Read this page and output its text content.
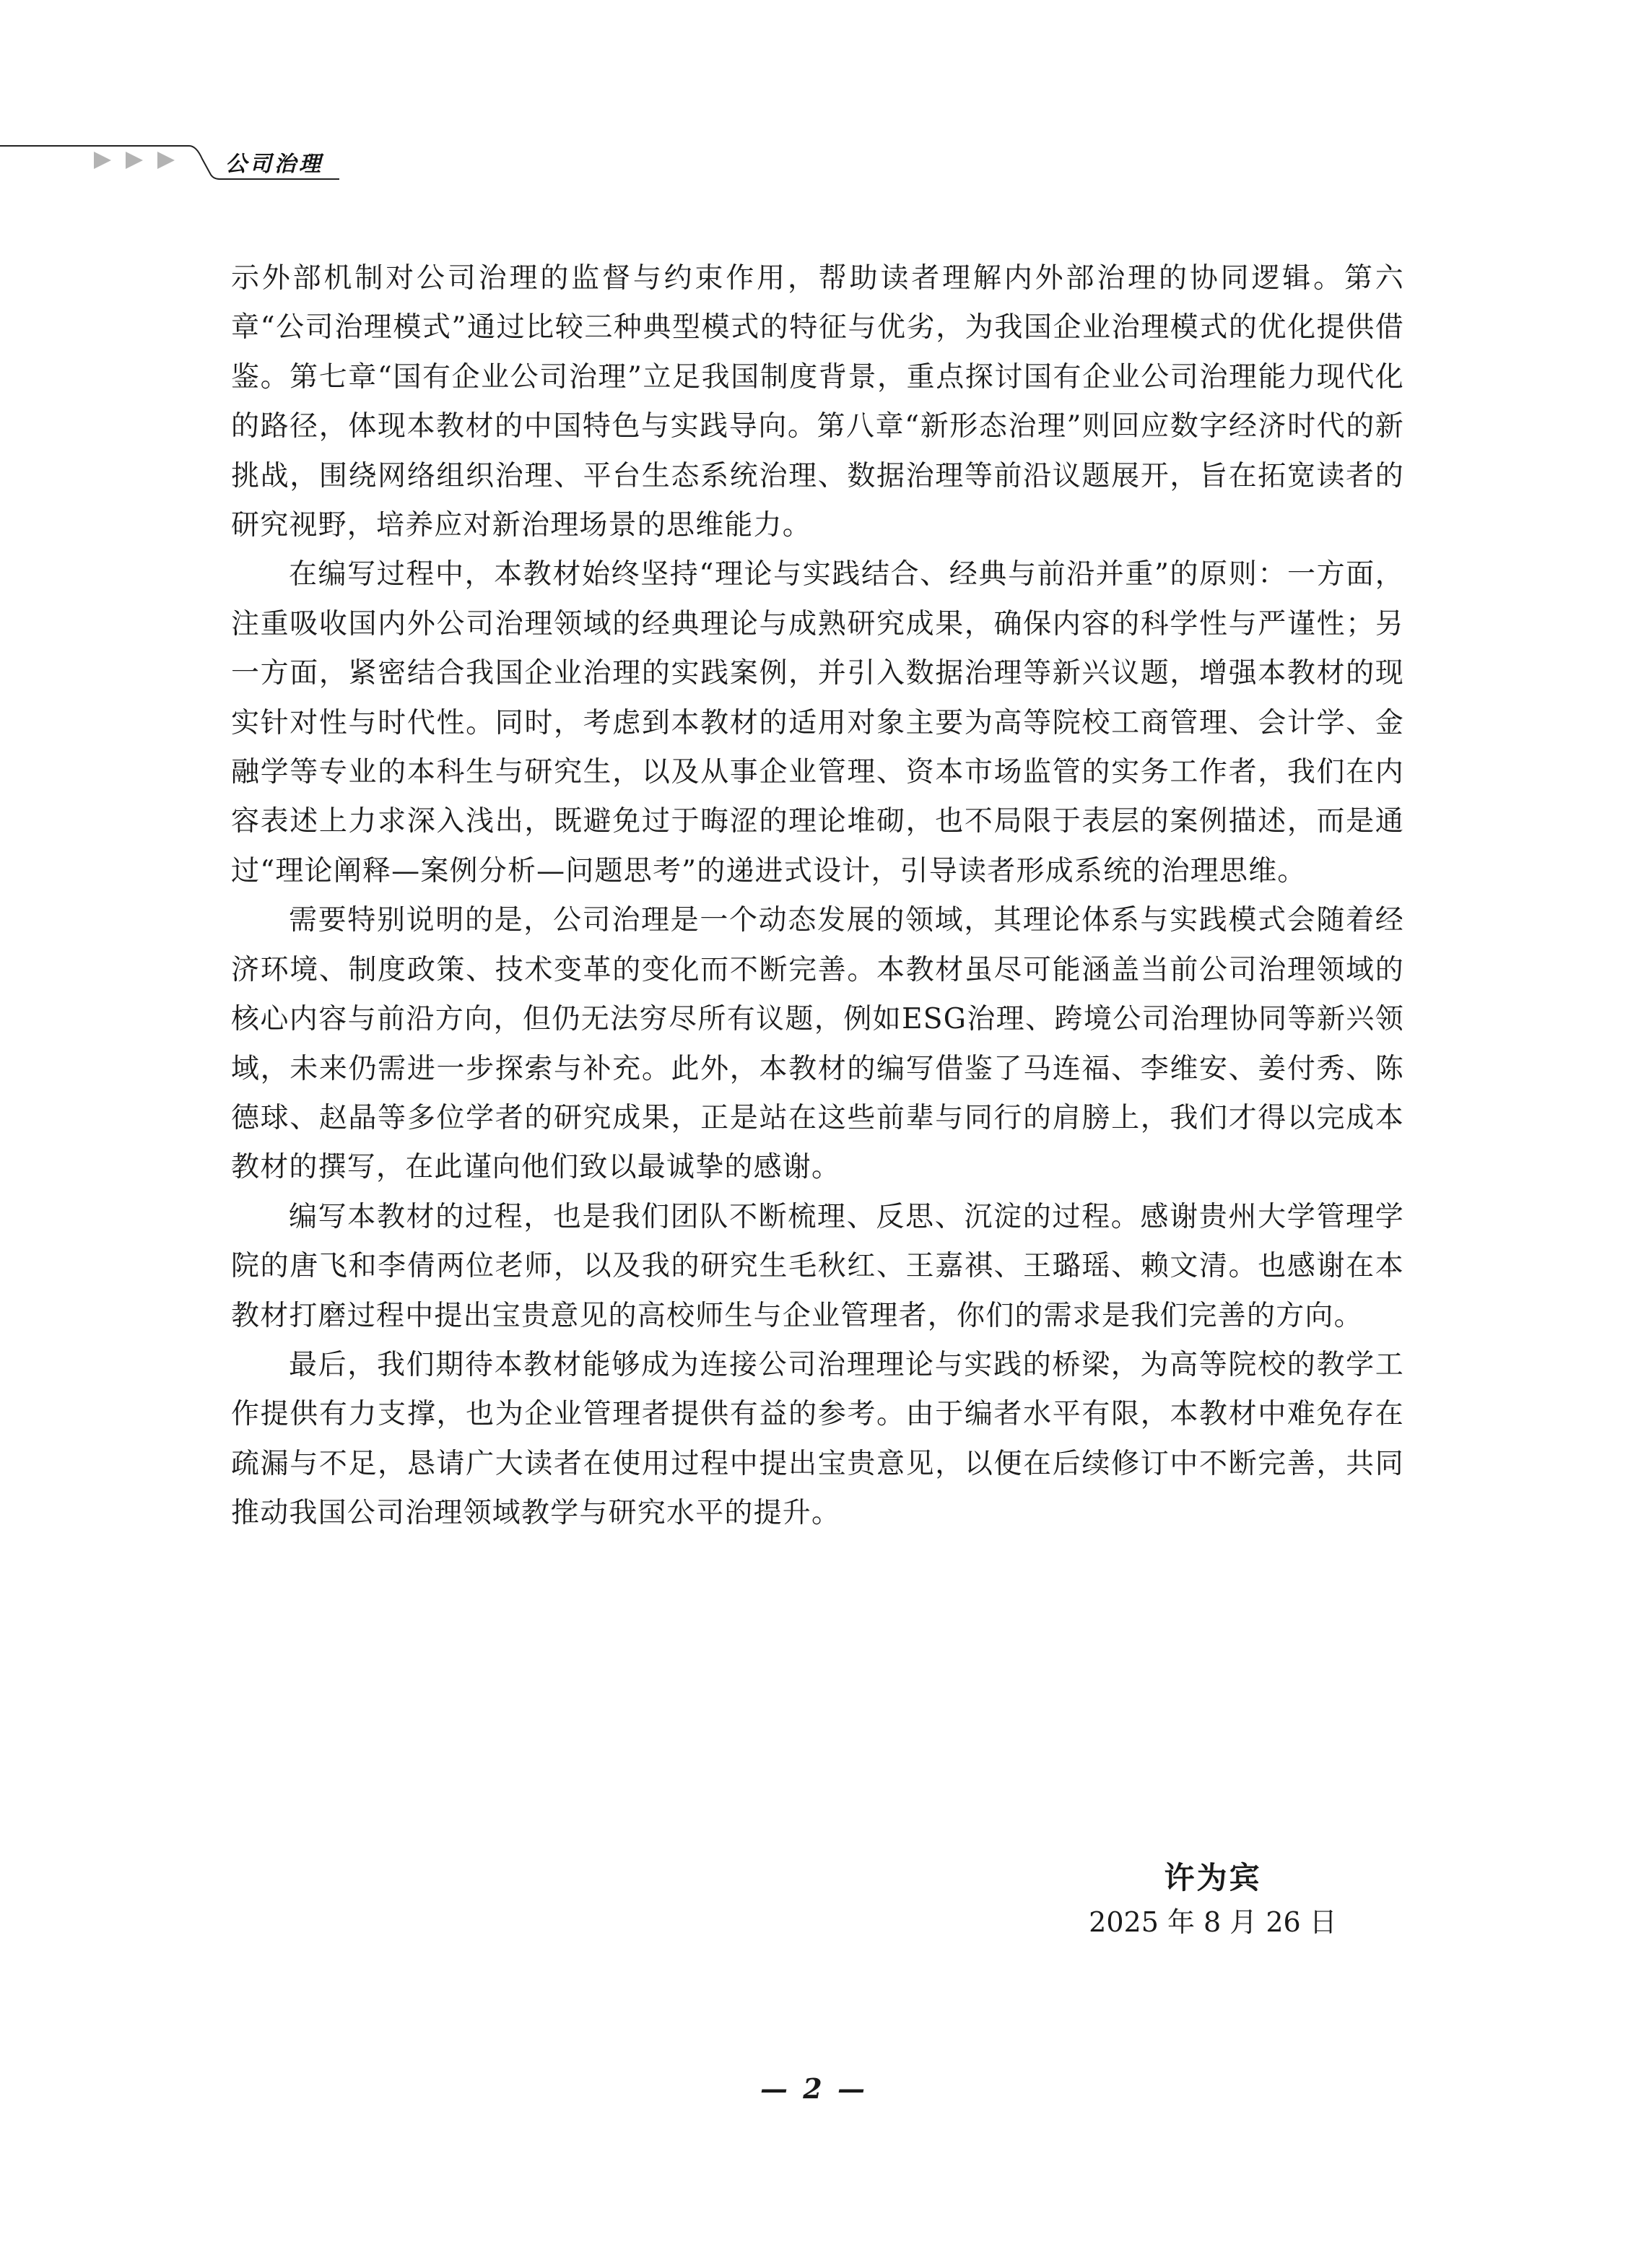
公司治理

示外部机制对公司治理的监督与约束作用，帮助读者理解内外部治理的协同逻辑。第六章“公司治理模式”通过比较三种典型模式的特征与优劣，为我国企业治理模式的优化提供借鉴。第七章“国有企业公司治理”立足我国制度背景，重点探讨国有企业公司治理能力现代化的路径，体现本教材的中国特色与实践导向。第八章“新形态治理”则回应数字经济时代的新挑战，围绕网络组织治理、平台生态系统治理、数据治理等前沿议题展开，旨在拓宽读者的研究视野，培养应对新治理场景的思维能力。

在编写过程中，本教材始终坚持“理论与实践结合、经典与前沿并重”的原则：一方面，注重吸收国内外公司治理领域的经典理论与成熟研究成果，确保内容的科学性与严谨性；另一方面，紧密结合我国企业治理的实践案例，并引入数据治理等新兴议题，增强本教材的现实针对性与时代性。同时，考虑到本教材的适用对象主要为高等院校工商管理、会计学、金融学等专业的本科生与研究生，以及从事企业管理、资本市场监管的实务工作者，我们在内容表述上力求深入浅出，既避免过于晦涩的理论堆砌，也不局限于表层的案例描述，而是通过“理论阐释—案例分析—问题思考”的递进式设计，引导读者形成系统的治理思维。

需要特别说明的是，公司治理是一个动态发展的领域，其理论体系与实践模式会随着经济环境、制度政策、技术变革的变化而不断完善。本教材虽尽可能涵盖当前公司治理领域的核心内容与前沿方向，但仍无法穷尽所有议题，例如ESG治理、跨境公司治理协同等新兴领域，未来仍需进一步探索与补充。此外，本教材的编写借鉴了马连福、李维安、姜付秀、陈德球、赵晶等多位学者的研究成果，正是站在这些前辈与同行的肩膀上，我们才得以完成本教材的撰写，在此谨向他们致以最诚挚的感谢。

编写本教材的过程，也是我们团队不断梳理、反思、沉淀的过程。感谢贵州大学管理学院的唐飞和李倩两位老师，以及我的研究生毛秋红、王嘉祺、王璐瑶、赖文清。也感谢在本教材打磨过程中提出宝贵意见的高校师生与企业管理者，你们的需求是我们完善的方向。

最后，我们期待本教材能够成为连接公司治理理论与实践的桥梁，为高等院校的教学工作提供有力支撑，也为企业管理者提供有益的参考。由于编者水平有限，本教材中难免存在疏漏与不足，恳请广大读者在使用过程中提出宝贵意见，以便在后续修订中不断完善，共同推动我国公司治理领域教学与研究水平的提升。

许为宾
2025 年 8 月 26 日
— 2 —
